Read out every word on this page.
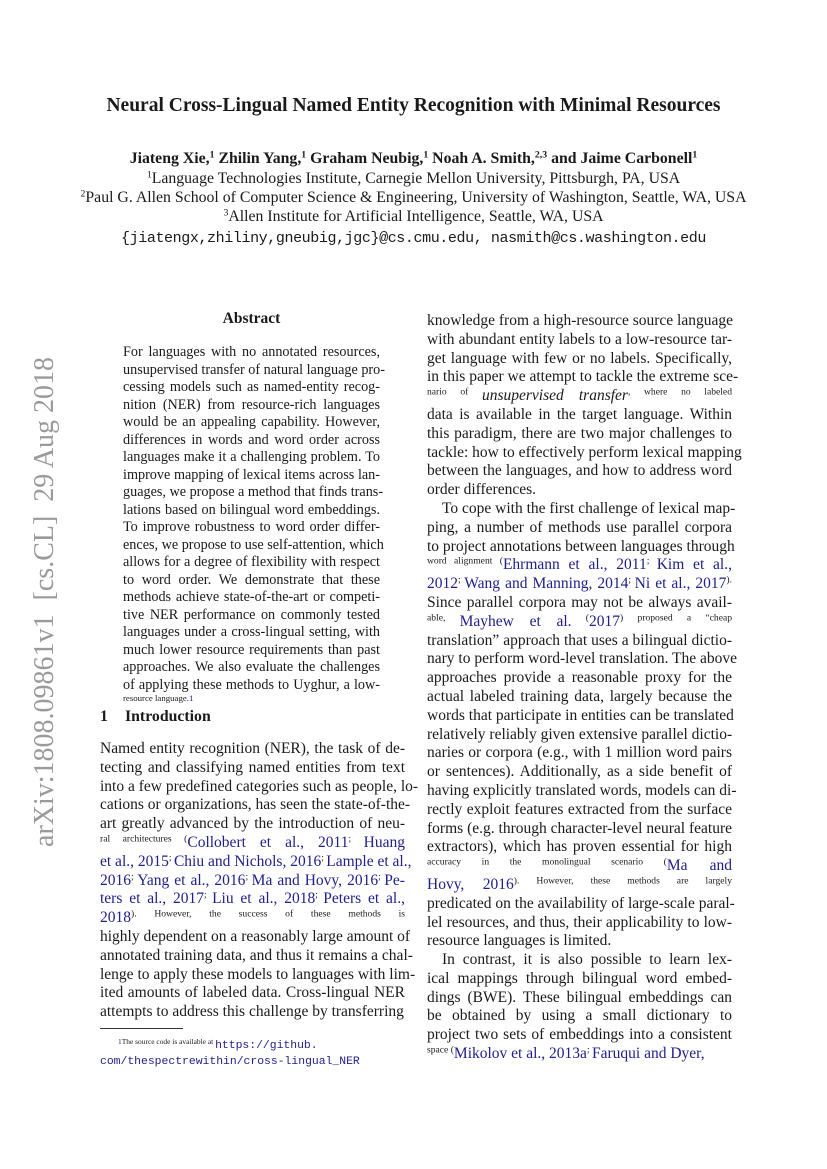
arXiv:1808.09861v1  [cs.CL]  29 Aug 2018
Neural Cross-Lingual Named Entity Recognition with Minimal Resources
Jiateng Xie,$^1$ Zhilin Yang,$^1$ Graham Neubig,$^1$ Noah A. Smith,$^{2,3}$ and Jaime Carbonell$^1$
$^1$Language Technologies Institute, Carnegie Mellon University, Pittsburgh, PA, USA
$^2$Paul G. Allen School of Computer Science & Engineering, University of Washington, Seattle, WA, USA
$^3$Allen Institute for Artificial Intelligence, Seattle, WA, USA
{jiatengx,zhiliny,gneubig,jgc}@cs.cmu.edu, nasmith@cs.washington.edu
Abstract
For languages with no annotated resources,
unsupervised transfer of natural language pro-
cessing models such as named-entity recog-
nition (NER) from resource-rich languages
would be an appealing capability. However,
differences in words and word order across
languages make it a challenging problem. To
improve mapping of lexical items across lan-
guages, we propose a method that finds trans-
lations based on bilingual word embeddings.
To improve robustness to word order differ-
ences, we propose to use self-attention, which
allows for a degree of flexibility with respect
to word order. We demonstrate that these
methods achieve state-of-the-art or competi-
tive NER performance on commonly tested
languages under a cross-lingual setting, with
much lower resource requirements than past
approaches. We also evaluate the challenges
of applying these methods to Uyghur, a low-
$^{resource language.1}$
1 Introduction
Named entity recognition (NER), the task of de-
tecting and classifying named entities from text
into a few predefined categories such as people, lo-
cations or organizations, has seen the state-of-the-
art greatly advanced by the introduction of neu-
$^{ral architectures (}$Collobert et al., 2011; Huang
et al., 2015; Chiu and Nichols, 2016; Lample et al.,
2016; Yang et al., 2016; Ma and Hovy, 2016; Pe-
ters et al., 2017; Liu et al., 2018; Peters et al.,
$2018^{). However, the success of these methods is}$
highly dependent on a reasonably large amount of
annotated training data, and thus it remains a chal-
lenge to apply these models to languages with lim-
ited amounts of labeled data. Cross-lingual NER
attempts to address this challenge by transferring
$^{1The source code is available at}$ https://github.
com/thespectrewithin/cross-lingual_NER
knowledge from a high-resource source language
with abundant entity labels to a low-resource tar-
get language with few or no labels. Specifically,
in this paper we attempt to tackle the extreme sce-
$^{nario of}$ unsupervised transfer$^{, where no labeled}$
data is available in the target language. Within
this paradigm, there are two major challenges to
tackle: how to effectively perform lexical mapping
between the languages, and how to address word
order differences.
To cope with the first challenge of lexical map-
ping, a number of methods use parallel corpora
to project annotations between languages through
$^{word alignment (}$Ehrmann et al., 2011; Kim et al.,
2012; Wang and Manning, 2014; Ni et al., 2017).
Since parallel corpora may not be always avail-
$^{able,}$ Mayhew et al. $^(2017^{) proposed a “cheap}$
translation” approach that uses a bilingual dictio-
nary to perform word-level translation. The above
approaches provide a reasonable proxy for the
actual labeled training data, largely because the
words that participate in entities can be translated
relatively reliably given extensive parallel dictio-
naries or corpora (e.g., with 1 million word pairs
or sentences). Additionally, as a side benefit of
having explicitly translated words, models can di-
rectly exploit features extracted from the surface
forms (e.g. through character-level neural feature
extractors), which has proven essential for high
$^{accuracy in the monolingual scenario (}$Ma and
Hovy, $2016^{). However, these methods are largely}$
predicated on the availability of large-scale paral-
lel resources, and thus, their applicability to low-
resource languages is limited.
In contrast, it is also possible to learn lex-
ical mappings through bilingual word embed-
dings (BWE). These bilingual embeddings can
be obtained by using a small dictionary to
project two sets of embeddings into a consistent
$^{space (}$Mikolov et al., 2013a; Faruqui and Dyer,
